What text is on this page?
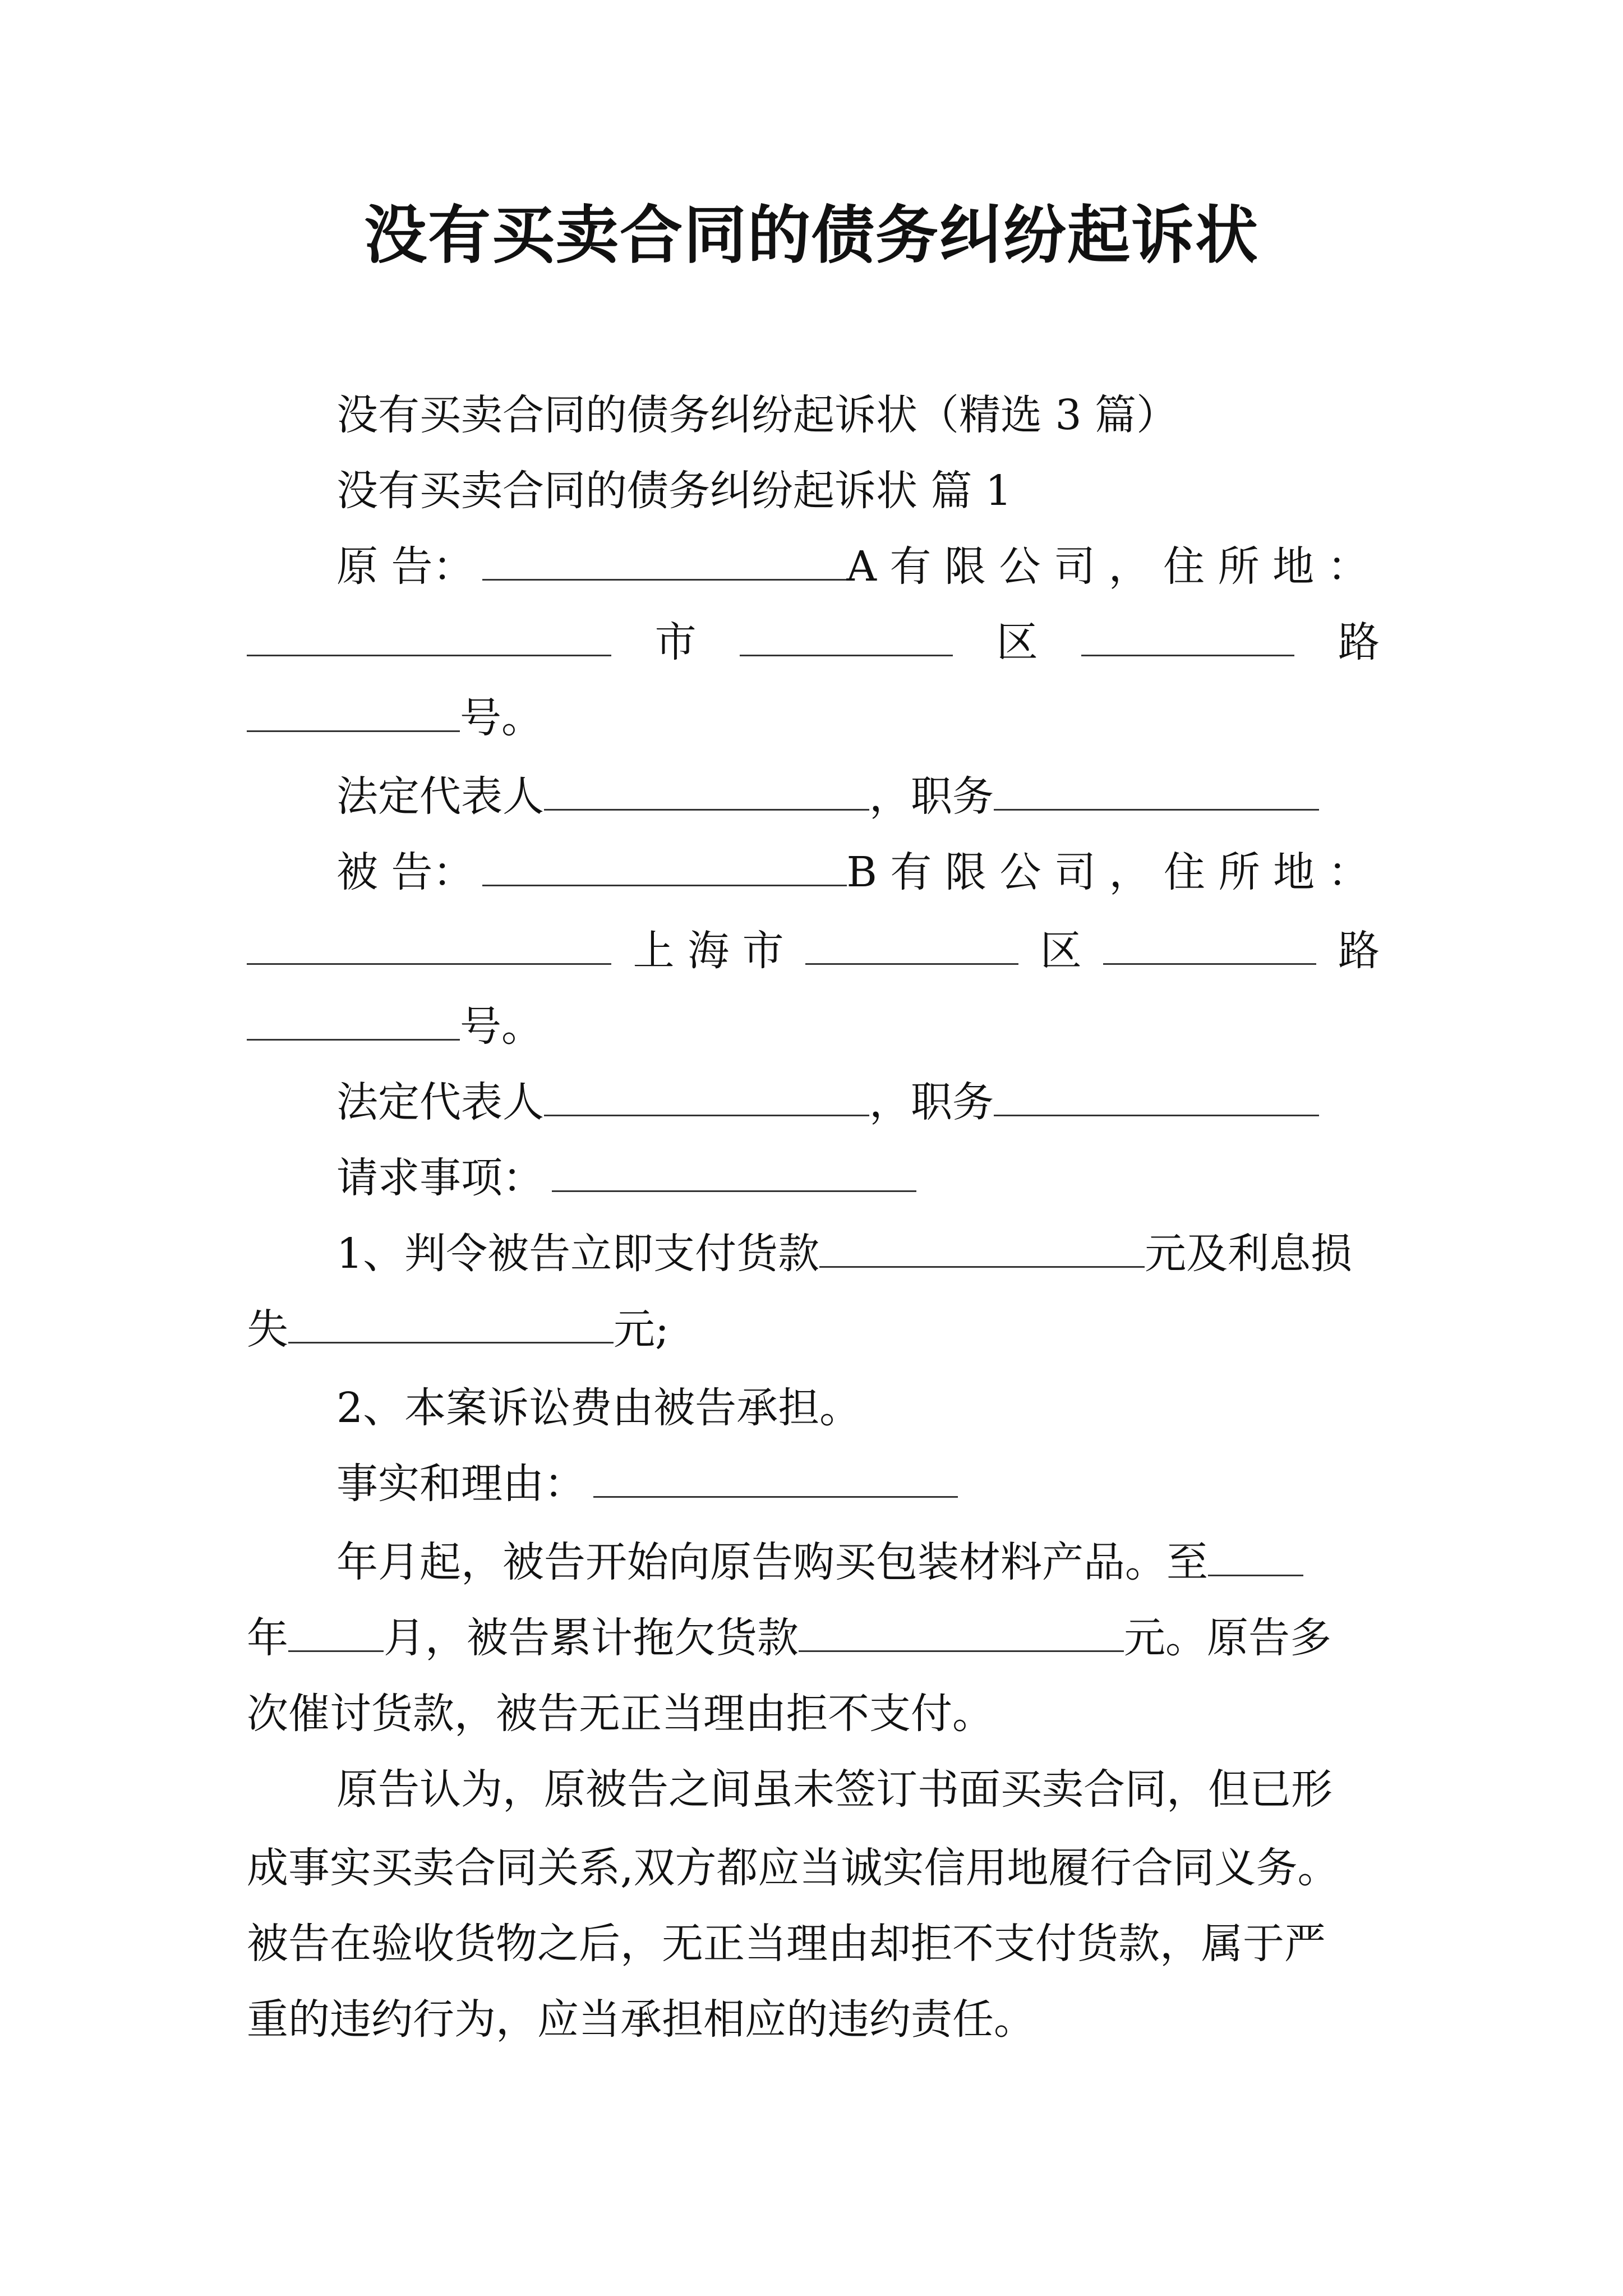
没有买卖合同的债务纠纷起诉状
没有买卖合同的债务纠纷起诉状（精选 3 篇）
没有买卖合同的债务纠纷起诉状 篇 1
原 告：	A 有 限 公 司 ， 住 所 地 ：
市	区	路
号。
法定代表人	，职务
被 告：	B 有 限 公 司 ， 住 所 地 ：
上 海 市	区	路
号。
法定代表人	，职务
请求事项：
1、判令被告立即支付货款	元及利息损
失	元;
2、本案诉讼费由被告承担。
事实和理由：
年月起，被告开始向原告购买包装材料产品。至
年 月，被告累计拖欠货款	元。原告多
次催讨货款，被告无正当理由拒不支付。
原告认为，原被告之间虽未签订书面买卖合同，但已形
成事实买卖合同关系,双方都应当诚实信用地履行合同义务。
被告在验收货物之后，无正当理由却拒不支付货款，属于严
重的违约行为，应当承担相应的违约责任。
